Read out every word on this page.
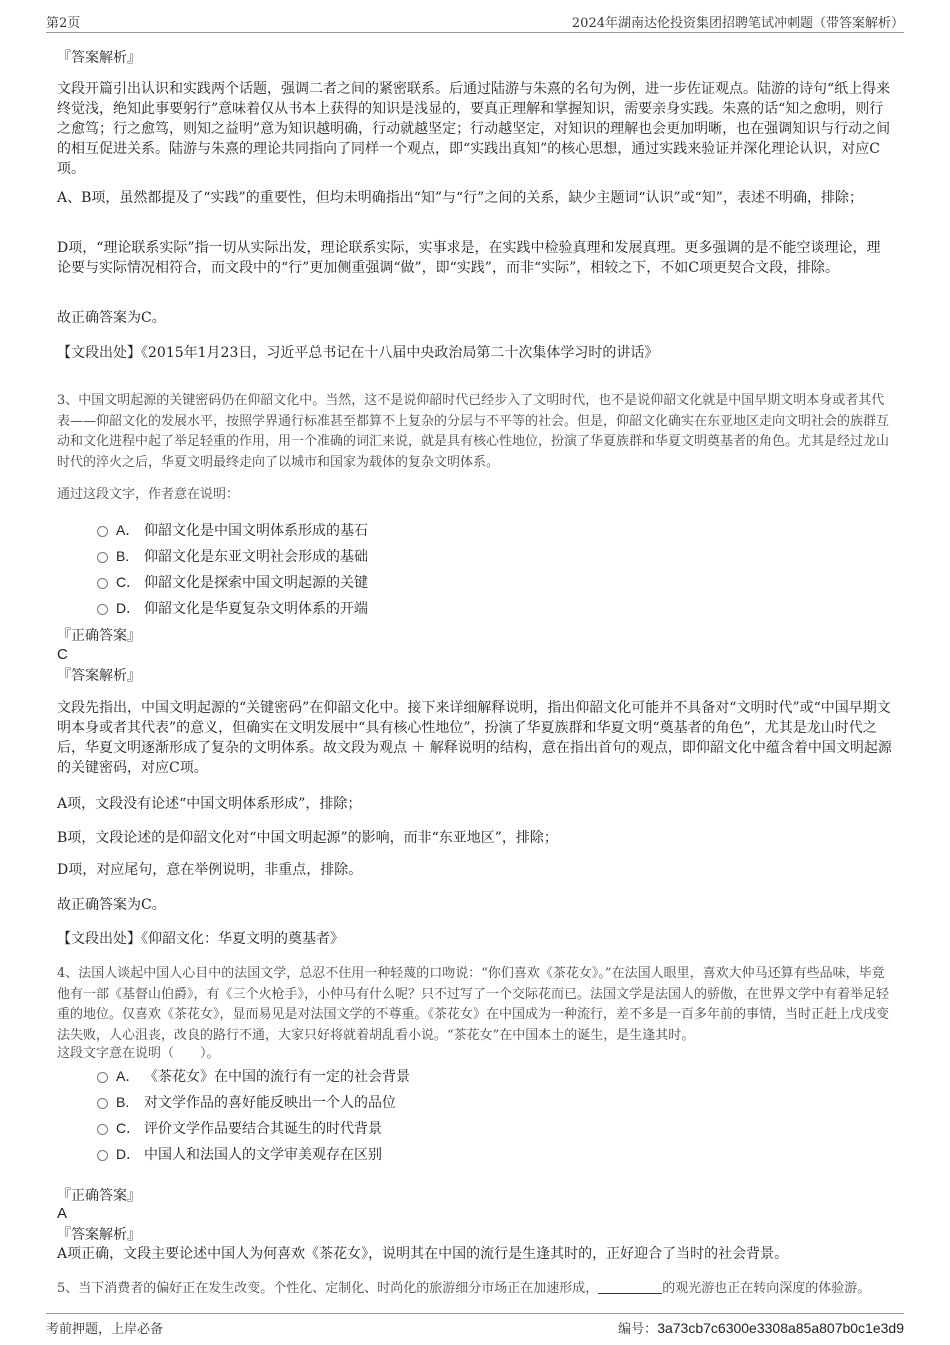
第2页	2024年湖南达伦投资集团招聘笔试冲刺题（带答案解析）
『答案解析』

文段开篇引出认识和实践两个话题，强调二者之间的紧密联系。后通过陆游与朱熹的名句为例，进一步佐证观点。陆游的诗句“纸上得来终觉浅，绝知此事要躬行”意味着仅从书本上获得的知识是浅显的，要真正理解和掌握知识，需要亲身实践。朱熹的话“知之愈明，则行之愈笃；行之愈笃，则知之益明”意为知识越明确，行动就越坚定；行动越坚定，对知识的理解也会更加明晰，也在强调知识与行动之间的相互促进关系。陆游与朱熹的理论共同指向了同样一个观点，即“实践出真知”的核心思想，通过实践来验证并深化理论认识，对应C项。

A、B项，虽然都提及了“实践”的重要性，但均未明确指出“知”与“行”之间的关系，缺少主题词“认识”或“知”，表述不明确，排除；

D项，“理论联系实际”指一切从实际出发，理论联系实际，实事求是，在实践中检验真理和发展真理。更多强调的是不能空谈理论，理论要与实际情况相符合，而文段中的“行”更加侧重强调“做”，即“实践”，而非“实际”，相较之下，不如C项更契合文段，排除。

故正确答案为C。

【文段出处】《2015年1月23日，习近平总书记在十八届中央政治局第二十次集体学习时的讲话》

3、中国文明起源的关键密码仍在仰韶文化中。当然，这不是说仰韶时代已经步入了文明时代，也不是说仰韶文化就是中国早期文明本身或者其代表——仰韶文化的发展水平，按照学界通行标准甚至都算不上复杂的分层与不平等的社会。但是，仰韶文化确实在东亚地区走向文明社会的族群互动和文化进程中起了举足轻重的作用，用一个准确的词汇来说，就是具有核心性地位，扮演了华夏族群和华夏文明奠基者的角色。尤其是经过龙山时代的淬火之后，华夏文明最终走向了以城市和国家为载体的复杂文明体系。

通过这段文字，作者意在说明：

A． 仰韶文化是中国文明体系形成的基石
B. 仰韶文化是东亚文明社会形成的基础
C． 仰韶文化是探索中国文明起源的关键
D． 仰韶文化是华夏复杂文明体系的开端
『正确答案』
C
『答案解析』

文段先指出，中国文明起源的“关键密码”在仰韶文化中。接下来详细解释说明，指出仰韶文化可能并不具备对“文明时代”或“中国早期文明本身或者其代表”的意义，但确实在文明发展中“具有核心性地位”，扮演了华夏族群和华夏文明“奠基者的角色”，尤其是龙山时代之后，华夏文明逐渐形成了复杂的文明体系。故文段为观点 ＋ 解释说明的结构，意在指出首句的观点，即仰韶文化中蕴含着中国文明起源的关键密码，对应C项。

A项，文段没有论述“中国文明体系形成”，排除；

B项，文段论述的是仰韶文化对“中国文明起源”的影响，而非“东亚地区”，排除；

D项，对应尾句，意在举例说明，非重点，排除。

故正确答案为C。

【文段出处】《仰韶文化：华夏文明的奠基者》

4、法国人谈起中国人心目中的法国文学，总忍不住用一种轻蔑的口吻说：“你们喜欢《茶花女》。”在法国人眼里，喜欢大仲马还算有些品味，毕竟他有一部《基督山伯爵》，有《三个火枪手》，小仲马有什么呢？只不过写了一个交际花而已。法国文学是法国人的骄傲，在世界文学中有着举足轻重的地位。仅喜欢《茶花女》，显而易见是对法国文学的不尊重。《茶花女》在中国成为一种流行，差不多是一百多年前的事情，当时正赶上戊戌变法失败，人心沮丧，改良的路行不通，大家只好将就着胡乱看小说。“茶花女”在中国本土的诞生，是生逢其时。

这段文字意在说明（　　）。

A． 《茶花女》在中国的流行有一定的社会背景
B. 对文学作品的喜好能反映出一个人的品位
C． 评价文学作品要结合其诞生的时代背景
D． 中国人和法国人的文学审美观存在区别
『正确答案』
A
『答案解析』

A项正确，文段主要论述中国人为何喜欢《茶花女》，说明其在中国的流行是生逢其时的，正好迎合了当时的社会背景。

5、当下消费者的偏好正在发生改变。个性化、定制化、时尚化的旅游细分市场正在加速形成，	的观光游也正在转向深度的体验游。

考前押题，上岸必备	编号：3a73cb7c6300e3308a85a807b0c1e3d9
